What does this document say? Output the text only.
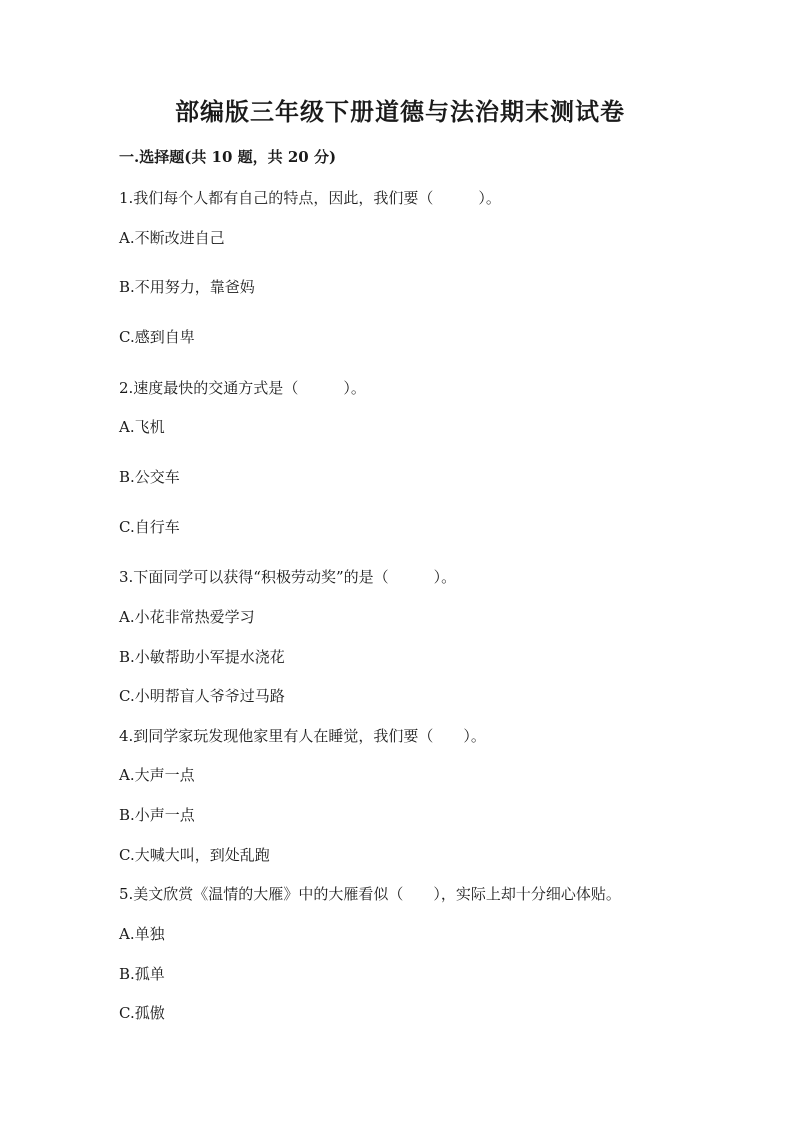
部编版三年级下册道德与法治期末测试卷

一.选择题(共 10 题，共 20 分)

1.我们每个人都有自己的特点，因此，我们要（　　　）。

A.不断改进自己

B.不用努力，靠爸妈

C.感到自卑

2.速度最快的交通方式是（　　　）。

A.飞机

B.公交车

C.自行车

3.下面同学可以获得“积极劳动奖”的是（　　　）。

A.小花非常热爱学习

B.小敏帮助小军提水浇花

C.小明帮盲人爷爷过马路

4.到同学家玩发现他家里有人在睡觉，我们要（　　）。

A.大声一点

B.小声一点

C.大喊大叫，到处乱跑

5.美文欣赏《温情的大雁》中的大雁看似（　　），实际上却十分细心体贴。

A.单独

B.孤单

C.孤傲
